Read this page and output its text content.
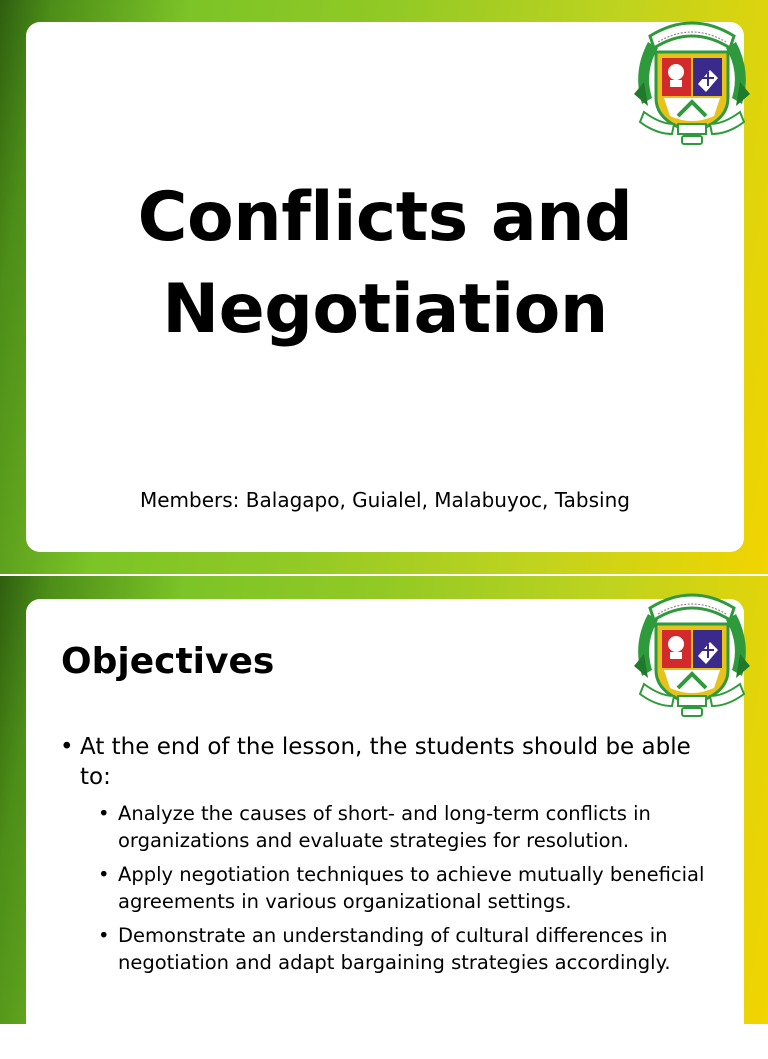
Conflicts and
Negotiation
Members: Balagapo, Guialel, Malabuyoc, Tabsing
Objectives
• At the end of the lesson, the students should be able to:
• Analyze the causes of short- and long-term conflicts in organizations and evaluate strategies for resolution.
• Apply negotiation techniques to achieve mutually beneficial agreements in various organizational settings.
• Demonstrate an understanding of cultural differences in negotiation and adapt bargaining strategies accordingly.
